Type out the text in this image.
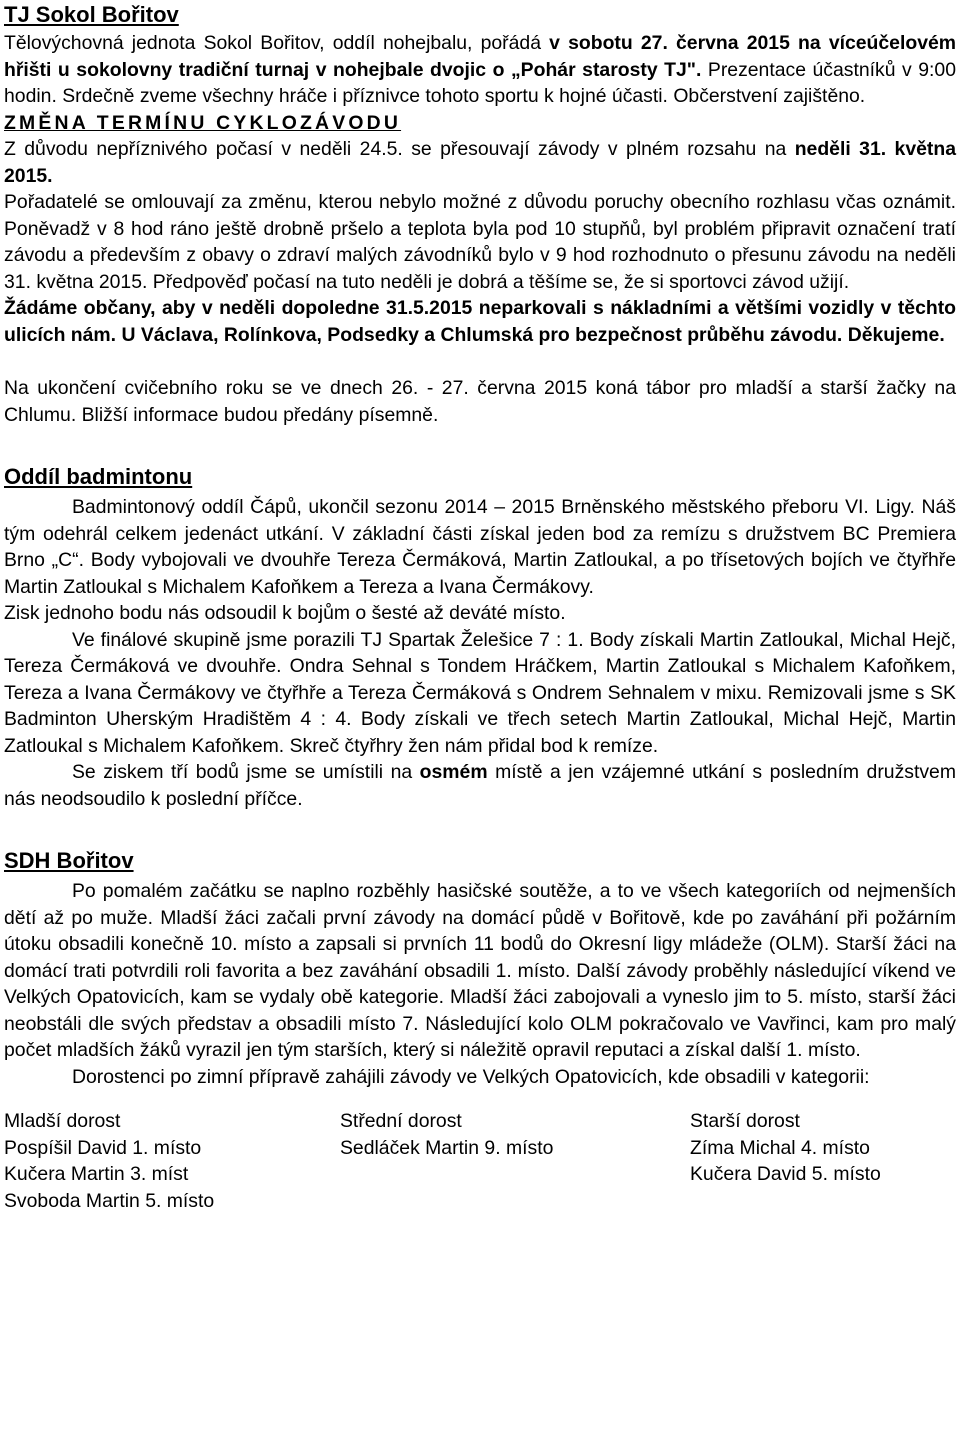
TJ Sokol Bořitov

Tělovýchovná jednota Sokol Bořitov, oddíl nohejbalu, pořádá v sobotu 27. června 2015 na víceúčelovém hřišti u sokolovny tradiční turnaj v nohejbale dvojic o „Pohár starosty TJ". Prezentace účastníků v 9:00 hodin. Srdečně zveme všechny hráče i příznivce tohoto sportu k hojné účasti. Občerstvení zajištěno.

ZMĚNA TERMÍNU CYKLOZÁVODU

Z důvodu nepříznivého počasí v neděli 24.5. se přesouvají závody v plném rozsahu na neděli 31. května 2015.

Pořadatelé se omlouvají za změnu, kterou nebylo možné z důvodu poruchy obecního rozhlasu včas oznámit. Poněvadž v 8 hod ráno ještě drobně pršelo a teplota byla pod 10 stupňů, byl problém připravit označení tratí závodu a především z obavy o zdraví malých závodníků bylo v 9 hod rozhodnuto o přesunu závodu na neděli 31. května 2015. Předpověď počasí na tuto neděli je dobrá a těšíme se, že si sportovci závod užijí.

Žádáme občany, aby v neděli dopoledne 31.5.2015 neparkovali s nákladními a většími vozidly v těchto ulicích nám. U Václava, Rolínkova, Podsedky a Chlumská pro bezpečnost průběhu závodu. Děkujeme.

Na ukončení cvičebního roku se ve dnech 26. - 27. června 2015 koná tábor pro mladší a starší žačky na Chlumu. Bližší informace budou předány písemně.

Oddíl badmintonu

Badmintonový oddíl Čápů, ukončil sezonu 2014 – 2015 Brněnského městského přeboru VI. Ligy. Náš tým odehrál celkem jedenáct utkání. V základní části získal jeden bod za remízu s družstvem BC Premiera Brno „C“. Body vybojovali ve dvouhře Tereza Čermáková, Martin Zatloukal, a po třísetových bojích ve čtyřhře Martin Zatloukal s Michalem Kafoňkem a Tereza a Ivana Čermákovy.

Zisk jednoho bodu nás odsoudil k bojům o šesté až deváté místo.

Ve finálové skupině jsme porazili TJ Spartak Želešice 7 : 1. Body získali Martin Zatloukal, Michal Hejč, Tereza Čermáková ve dvouhře. Ondra Sehnal s Tondem Hráčkem, Martin Zatloukal s Michalem Kafoňkem, Tereza a Ivana Čermákovy ve čtyřhře a Tereza Čermáková s Ondrem Sehnalem v mixu. Remizovali jsme s SK Badminton Uherským Hradištěm 4 : 4. Body získali ve třech setech Martin Zatloukal, Michal Hejč, Martin Zatloukal s Michalem Kafoňkem. Skreč čtyřhry žen nám přidal bod k remíze.

Se ziskem tří bodů jsme se umístili na osmém místě a jen vzájemné utkání s posledním družstvem nás neodsoudilo k poslední příčce.

SDH Bořitov

Po pomalém začátku se naplno rozběhly hasičské soutěže, a to ve všech kategoriích od nejmenších dětí až po muže. Mladší žáci začali první závody na domácí půdě v Bořitově, kde po zaváhání při požárním útoku obsadili konečně 10. místo a zapsali si prvních 11 bodů do Okresní ligy mládeže (OLM). Starší žáci na domácí trati potvrdili roli favorita a bez zaváhání obsadili 1. místo. Další závody proběhly následující víkend ve Velkých Opatovicích, kam se vydaly obě kategorie. Mladší žáci zabojovali a vyneslo jim to 5. místo, starší žáci neobstáli dle svých představ a obsadili místo 7. Následující kolo OLM pokračovalo ve Vavřinci, kam pro malý počet mladších žáků vyrazil jen tým starších, který si náležitě opravil reputaci a získal další 1. místo.

Dorostenci po zimní přípravě zahájili závody ve Velkých Opatovicích, kde obsadili v kategorii:

Mladší dorost
Pospíšil David 1. místo
Kučera Martin 3. míst
Svoboda Martin 5. místo
Střední dorost
Sedláček Martin 9. místo
Starší dorost
Zíma Michal 4. místo
Kučera David 5. místo
